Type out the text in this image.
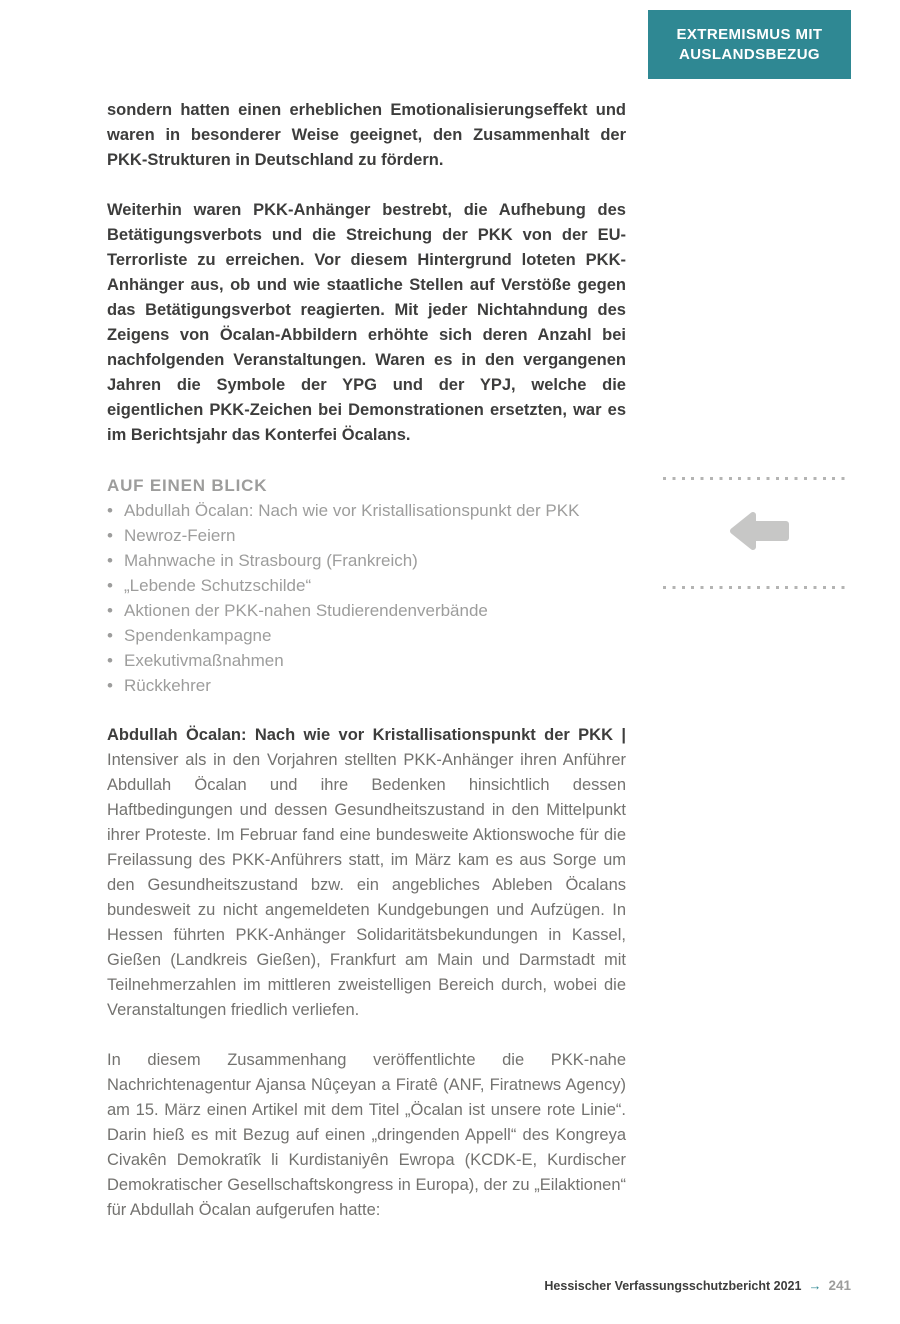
EXTREMISMUS MIT
AUSLANDSBEZUG

sondern hatten einen erheblichen Emotionalisierungseffekt und waren in besonderer Weise geeignet, den Zusammenhalt der PKK-Strukturen in Deutschland zu fördern.

Weiterhin waren PKK-Anhänger bestrebt, die Aufhebung des Betätigungsverbots und die Streichung der PKK von der EU-Terrorliste zu erreichen. Vor diesem Hintergrund loteten PKK-Anhänger aus, ob und wie staatliche Stellen auf Verstöße gegen das Betätigungsverbot reagierten. Mit jeder Nichtahndung des Zeigens von Öcalan-Abbildern erhöhte sich deren Anzahl bei nachfolgenden Veranstaltungen. Waren es in den vergangenen Jahren die Symbole der YPG und der YPJ, welche die eigentlichen PKK-Zeichen bei Demonstrationen ersetzten, war es im Berichtsjahr das Konterfei Öcalans.

AUF EINEN BLICK
• Abdullah Öcalan: Nach wie vor Kristallisationspunkt der PKK
• Newroz-Feiern
• Mahnwache in Strasbourg (Frankreich)
• „Lebende Schutzschilde“
• Aktionen der PKK-nahen Studierendenverbände
• Spendenkampagne
• Exekutivmaßnahmen
• Rückkehrer

Abdullah Öcalan: Nach wie vor Kristallisationspunkt der PKK | Intensiver als in den Vorjahren stellten PKK-Anhänger ihren Anführer Abdullah Öcalan und ihre Bedenken hinsichtlich dessen Haftbedingungen und dessen Gesundheitszustand in den Mittelpunkt ihrer Proteste. Im Februar fand eine bundesweite Aktionswoche für die Freilassung des PKK-Anführers statt, im März kam es aus Sorge um den Gesundheitszustand bzw. ein angebliches Ableben Öcalans bundesweit zu nicht angemeldeten Kundgebungen und Aufzügen. In Hessen führten PKK-Anhänger Solidaritätsbekundungen in Kassel, Gießen (Landkreis Gießen), Frankfurt am Main und Darmstadt mit Teilnehmerzahlen im mittleren zweistelligen Bereich durch, wobei die Veranstaltungen friedlich verliefen.

In diesem Zusammenhang veröffentlichte die PKK-nahe Nachrichtenagentur Ajansa Nûçeyan a Firatê (ANF, Firatnews Agency) am 15. März einen Artikel mit dem Titel „Öcalan ist unsere rote Linie“. Darin hieß es mit Bezug auf einen „dringenden Appell“ des Kongreya Civakên Demokratîk li Kurdistaniyên Ewropa (KCDK-E, Kurdischer Demokratischer Gesellschaftskongress in Europa), der zu „Eilaktionen“ für Abdullah Öcalan aufgerufen hatte:

Hessischer Verfassungsschutzbericht 2021 → 241
